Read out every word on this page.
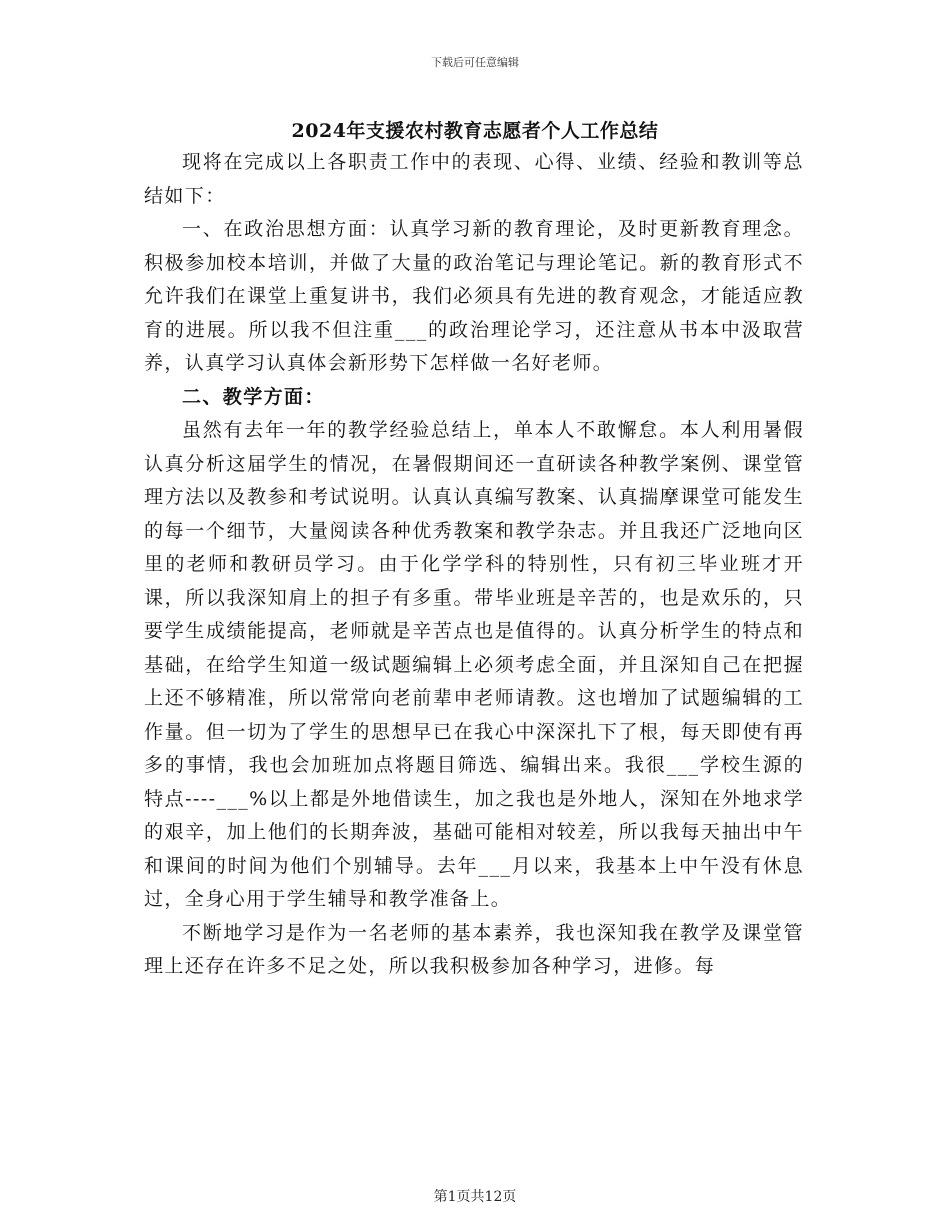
下载后可任意编辑
2024年支援农村教育志愿者个人工作总结

现将在完成以上各职责工作中的表现、心得、业绩、经验和教训等总结如下：

一、在政治思想方面：认真学习新的教育理论，及时更新教育理念。积极参加校本培训，并做了大量的政治笔记与理论笔记。新的教育形式不允许我们在课堂上重复讲书，我们必须具有先进的教育观念，才能适应教育的进展。所以我不但注重___的政治理论学习，还注意从书本中汲取营养，认真学习认真体会新形势下怎样做一名好老师。

二、教学方面：

虽然有去年一年的教学经验总结上，单本人不敢懈怠。本人利用暑假认真分析这届学生的情况，在暑假期间还一直研读各种教学案例、课堂管理方法以及教参和考试说明。认真认真编写教案、认真揣摩课堂可能发生的每一个细节，大量阅读各种优秀教案和教学杂志。并且我还广泛地向区里的老师和教研员学习。由于化学学科的特别性，只有初三毕业班才开课，所以我深知肩上的担子有多重。带毕业班是辛苦的，也是欢乐的，只要学生成绩能提高，老师就是辛苦点也是值得的。认真分析学生的特点和基础，在给学生知道一级试题编辑上必须考虑全面，并且深知自己在把握上还不够精准，所以常常向老前辈申老师请教。这也增加了试题编辑的工作量。但一切为了学生的思想早已在我心中深深扎下了根，每天即使有再多的事情，我也会加班加点将题目筛选、编辑出来。我很___学校生源的特点----___%以上都是外地借读生，加之我也是外地人，深知在外地求学的艰辛，加上他们的长期奔波，基础可能相对较差，所以我每天抽出中午和课间的时间为他们个别辅导。去年___月以来，我基本上中午没有休息过，全身心用于学生辅导和教学准备上。

不断地学习是作为一名老师的基本素养，我也深知我在教学及课堂管理上还存在许多不足之处，所以我积极参加各种学习，进修。每

第1页共12页
